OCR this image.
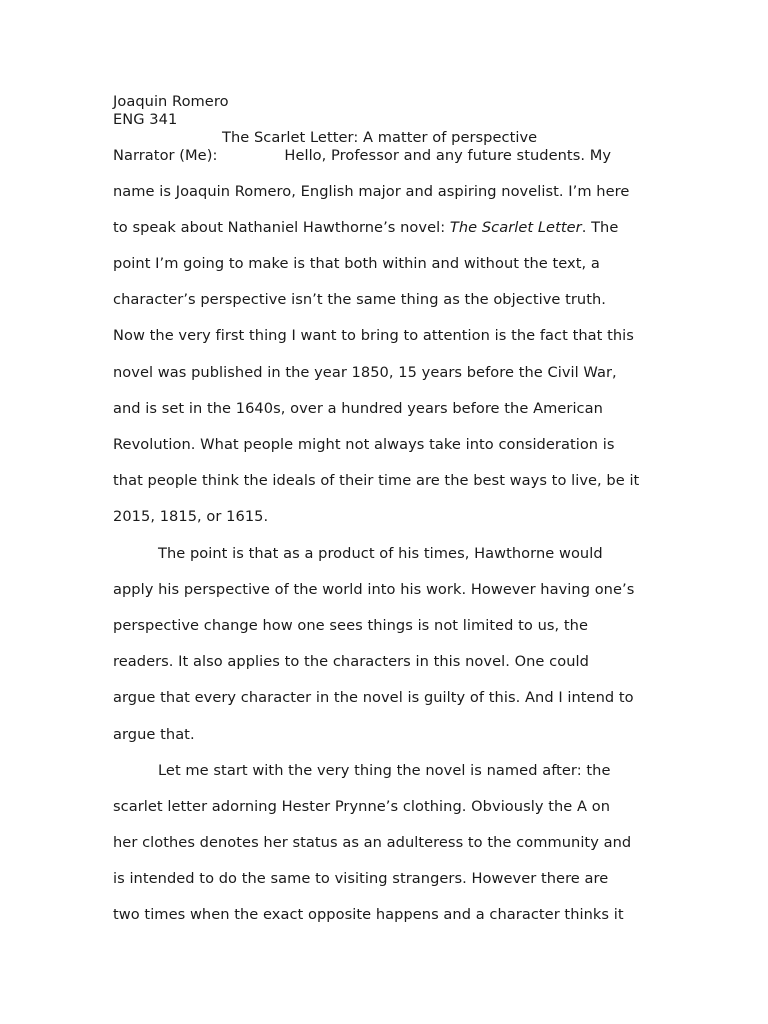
Joaquin Romero
ENG 341
The Scarlet Letter: A matter of perspective
Narrator (Me):	Hello, Professor and any future students. My
name is Joaquin Romero, English major and aspiring novelist. I’m here
to speak about Nathaniel Hawthorne’s novel: The Scarlet Letter. The
point I’m going to make is that both within and without the text, a
character’s perspective isn’t the same thing as the objective truth.
Now the very first thing I want to bring to attention is the fact that this
novel was published in the year 1850, 15 years before the Civil War,
and is set in the 1640s, over a hundred years before the American
Revolution. What people might not always take into consideration is
that people think the ideals of their time are the best ways to live, be it
2015, 1815, or 1615.
The point is that as a product of his times, Hawthorne would
apply his perspective of the world into his work. However having one’s
perspective change how one sees things is not limited to us, the
readers. It also applies to the characters in this novel. One could
argue that every character in the novel is guilty of this. And I intend to
argue that.
Let me start with the very thing the novel is named after: the
scarlet letter adorning Hester Prynne’s clothing. Obviously the A on
her clothes denotes her status as an adulteress to the community and
is intended to do the same to visiting strangers. However there are
two times when the exact opposite happens and a character thinks it
